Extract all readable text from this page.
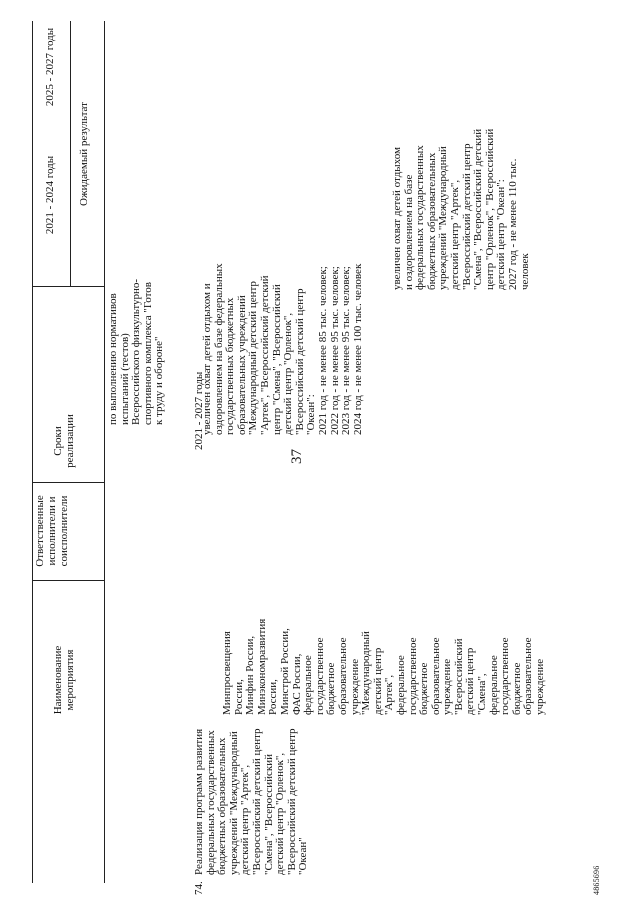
37
4865696
Наименование мероприятия
Ответственные исполнители и соисполнители
Сроки реализации
Ожидаемый результат
2021 - 2024 годы
2025 - 2027 годы
по выполнению нормативов
испытаний (тестов)
Всероссийского физкультурно-
спортивного комплекса "Готов
к труду и обороне"
74.
Реализация программ развития
федеральных государственных
бюджетных образовательных
учреждений "Международный
детский центр "Артек",
"Всероссийский детский центр
"Смена", "Всероссийский
детский центр "Орленок",
"Всероссийский детский центр
"Океан"
Минпросвещения
России,
Минфин России,
Минэкономразвития
России,
Минстрой России,
ФАС России,
федеральное
государственное
бюджетное
образовательное
учреждение
"Международный
детский центр
"Артек",
федеральное
государственное
бюджетное
образовательное
учреждение
"Всероссийский
детский центр
"Смена",
федеральное
государственное
бюджетное
образовательное
учреждение
2021 - 2027 годы
увеличен охват детей отдыхом и
оздоровлением на базе федеральных
государственных бюджетных
образовательных учреждений
"Международный детский центр
"Артек", "Всероссийский детский
центр "Смена", "Всероссийский
детский центр "Орленок",
"Всероссийский детский центр
"Океан":
2021 год - не менее 85 тыс. человек;
2022 год - не менее 95 тыс. человек;
2023 год - не менее 95 тыс. человек;
2024 год - не менее 100 тыс. человек увеличен охват детей отдыхом
и оздоровлением на базе
федеральных государственных
бюджетных образовательных
учреждений "Международный
детский центр "Артек",
"Всероссийский детский центр
"Смена", "Всероссийский детский
центр "Орленок", "Всероссийский
детский центр "Океан":
2027 год - не менее 110 тыс.
человек
